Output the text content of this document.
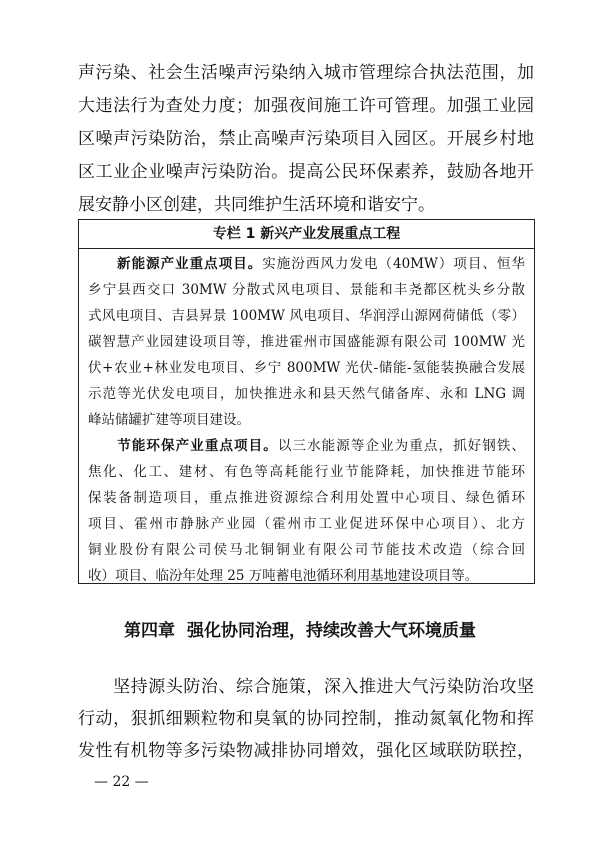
声污染、社会生活噪声污染纳入城市管理综合执法范围，加
大违法行为查处力度；加强夜间施工许可管理。加强工业园
区噪声污染防治，禁止高噪声污染项目入园区。开展乡村地
区工业企业噪声污染防治。提高公民环保素养，鼓励各地开
展安静小区创建，共同维护生活环境和谐安宁。
专栏 1 新兴产业发展重点工程
　　新能源产业重点项目。实施汾西风力发电（40MW）项目、恒华
乡宁县西交口 30MW 分散式风电项目、景能和丰尧都区枕头乡分散
式风电项目、吉县昇景 100MW 风电项目、华润浮山源网荷储低（零）
碳智慧产业园建设项目等，推进霍州市国盛能源有限公司 100MW 光
伏+农业+林业发电项目、乡宁 800MW 光伏-储能-氢能装换融合发展
示范等光伏发电项目，加快推进永和县天然气储备库、永和 LNG 调
峰站储罐扩建等项目建设。
　　节能环保产业重点项目。以三水能源等企业为重点，抓好钢铁、
焦化、化工、建材、有色等高耗能行业节能降耗，加快推进节能环
保装备制造项目，重点推进资源综合利用处置中心项目、绿色循环
项目、霍州市静脉产业园（霍州市工业促进环保中心项目）、北方
铜业股份有限公司侯马北铜铜业有限公司节能技术改造（综合回
收）项目、临汾年处理 25 万吨蓄电池循环利用基地建设项目等。
第四章 强化协同治理，持续改善大气环境质量
　　坚持源头防治、综合施策，深入推进大气污染防治攻坚
行动，狠抓细颗粒物和臭氧的协同控制，推动氮氧化物和挥
发性有机物等多污染物减排协同增效，强化区域联防联控，
— 22 —
